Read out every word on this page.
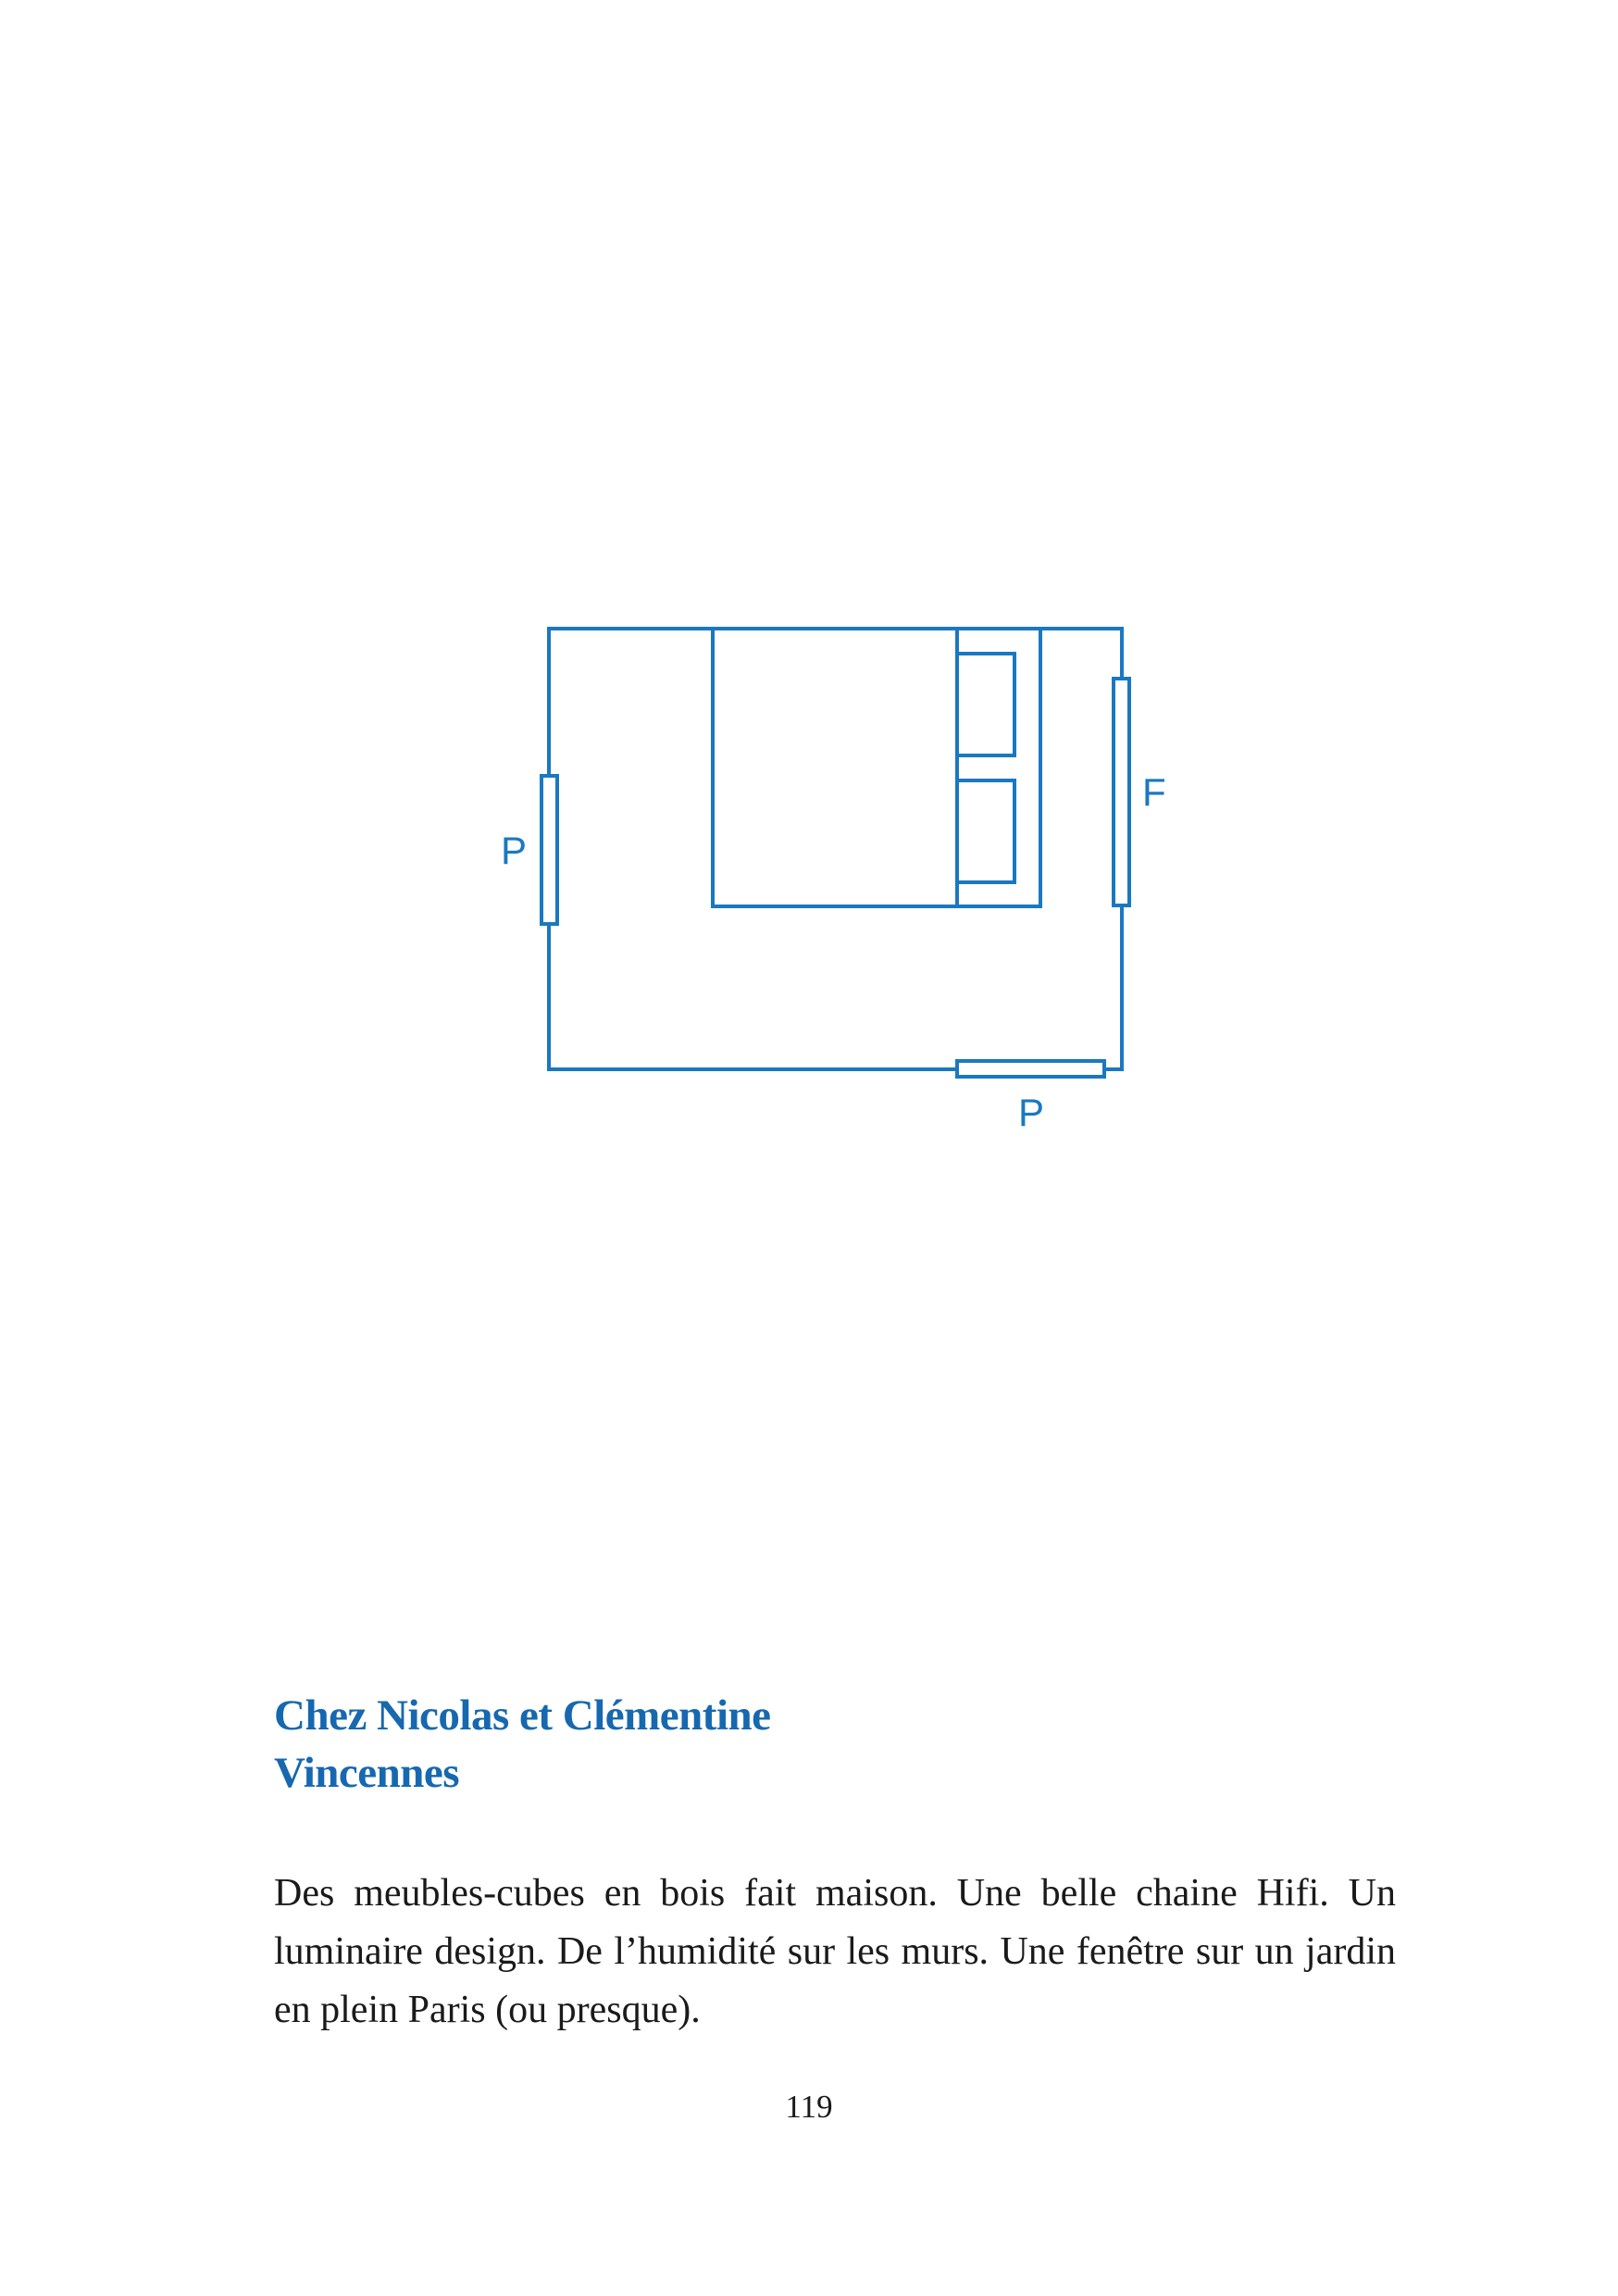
P
F
P
Chez Nicolas et Clémentine
Vincennes

Des meubles-cubes en bois fait maison. Une belle chaine Hifi. Un luminaire design. De l’humidité sur les murs. Une fenêtre sur un jardin en plein Paris (ou presque).

119
